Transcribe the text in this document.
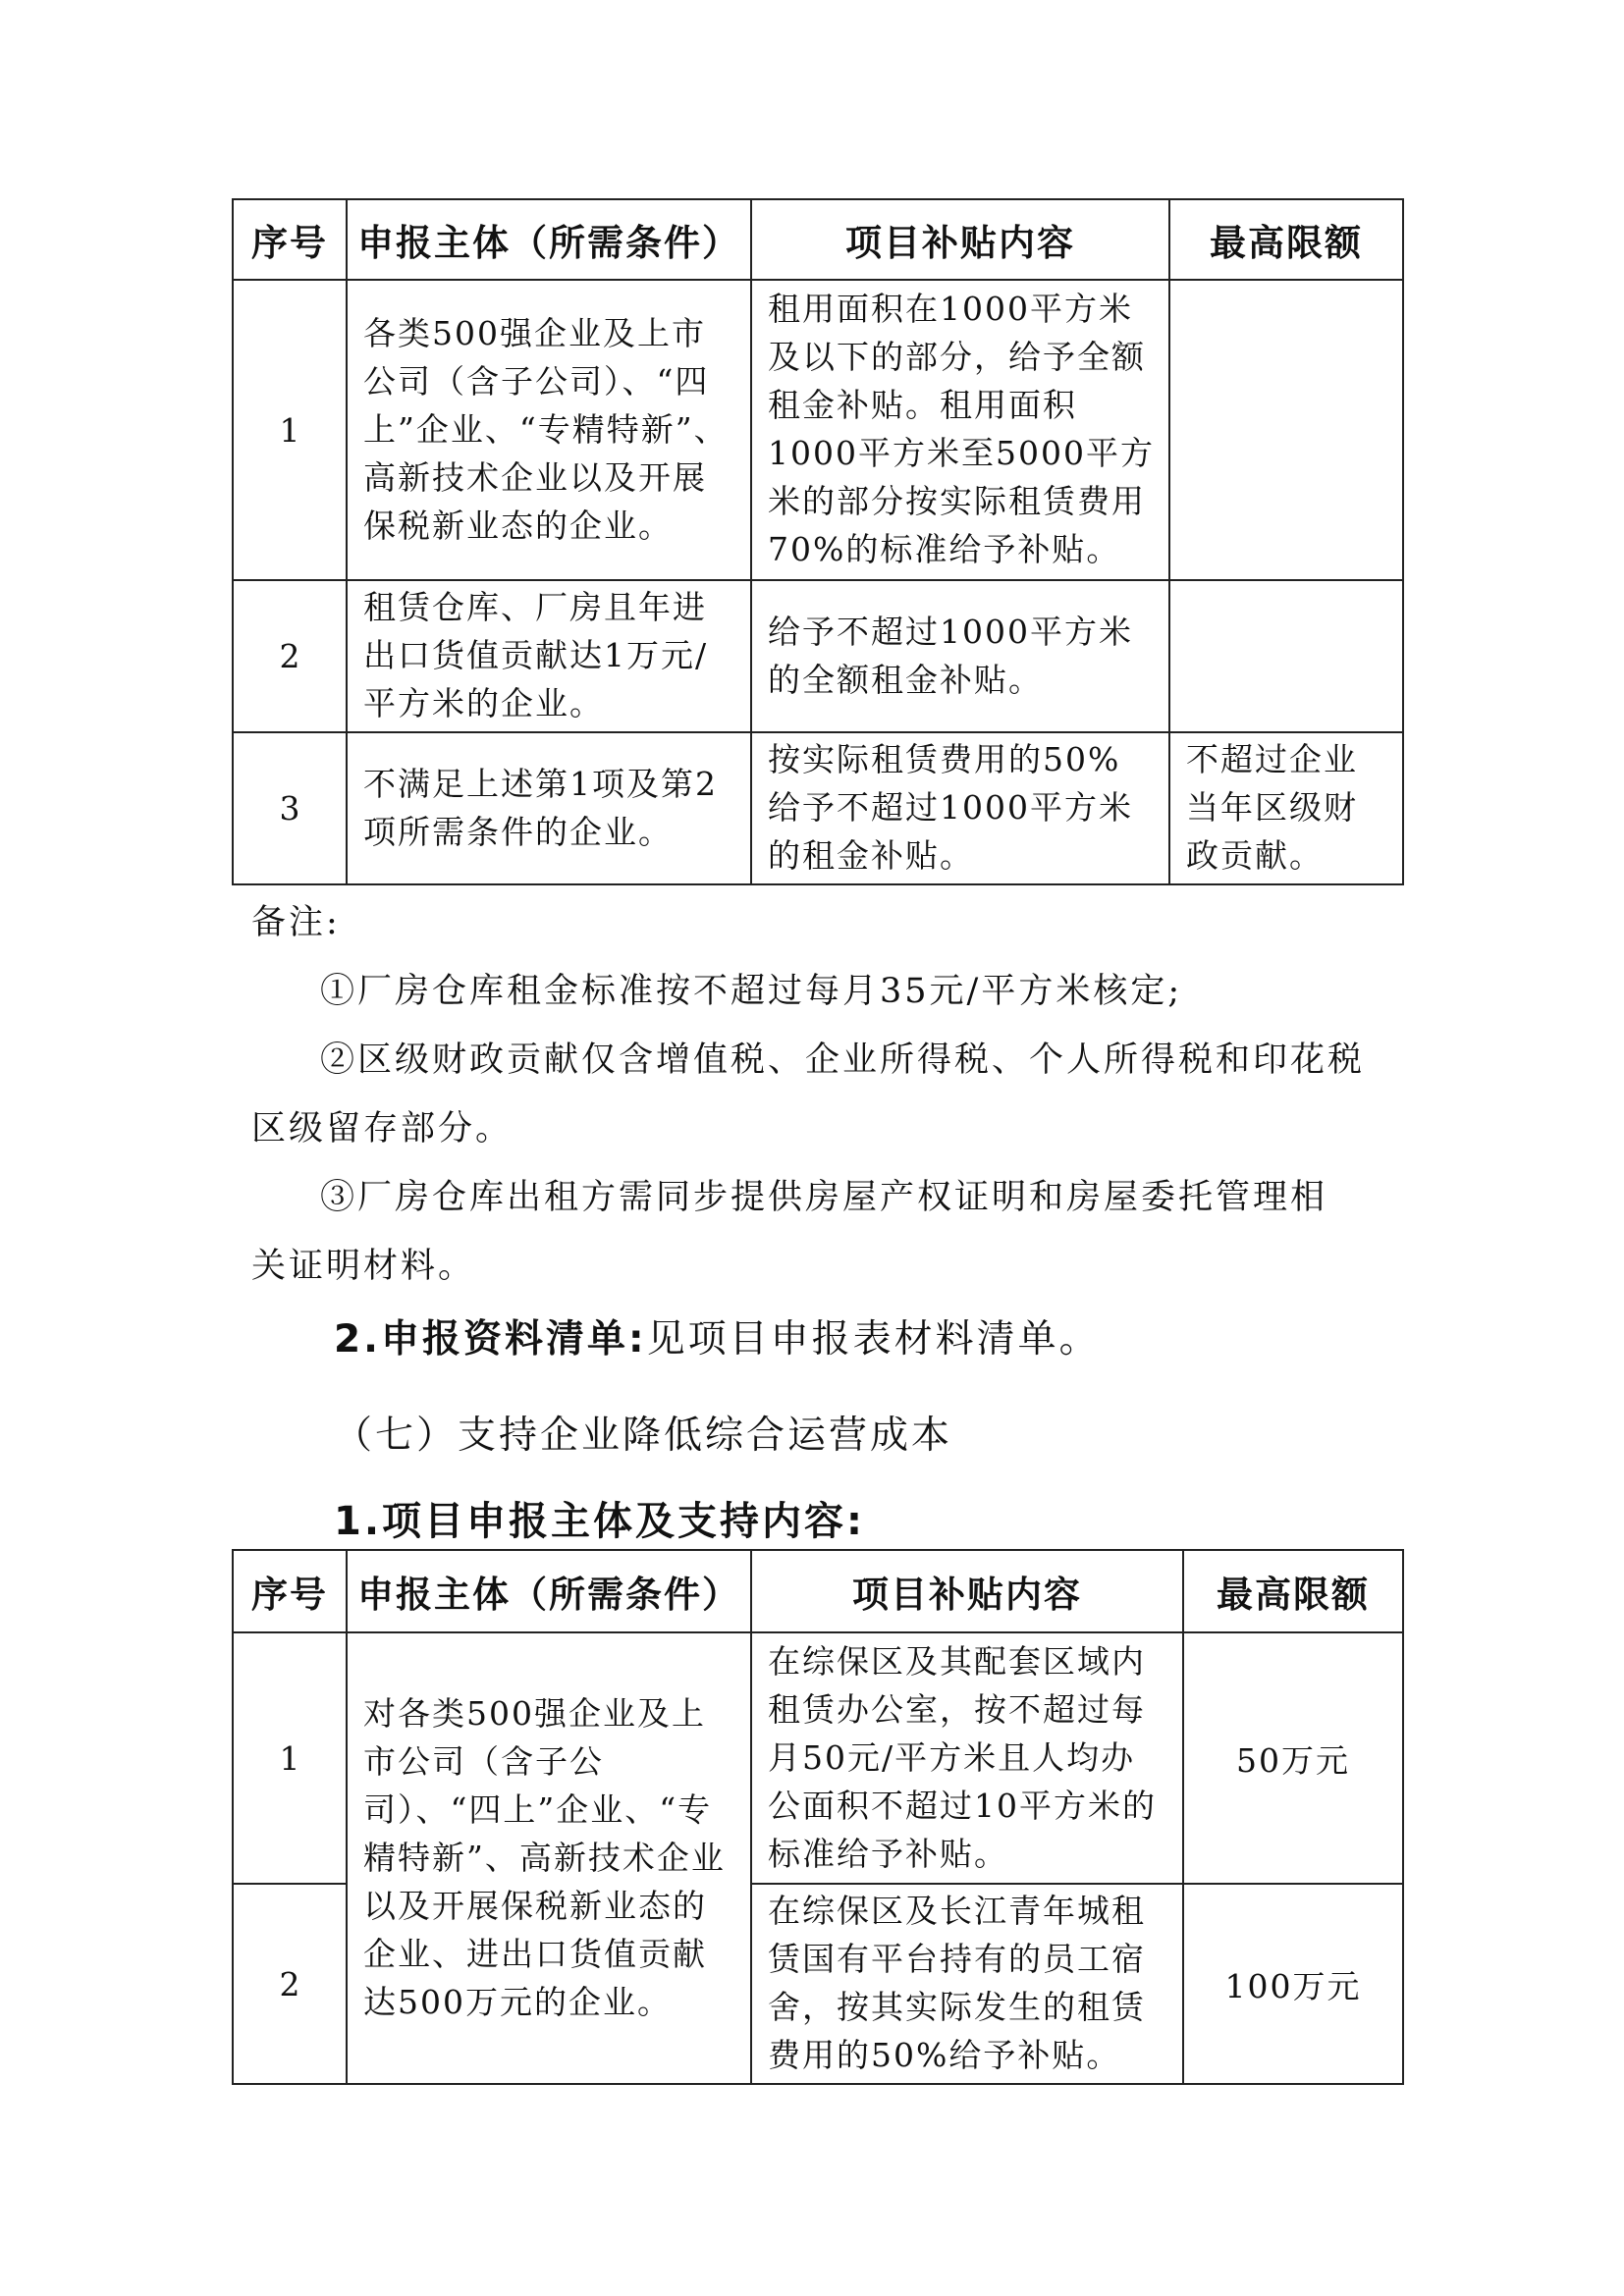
序号	申报主体（所需条件）	项目补贴内容	最高限额
1	各类500强企业及上市公司（含子公司）、“四上”企业、“专精特新”、高新技术企业以及开展保税新业态的企业。	租用面积在1000平方米及以下的部分，给予全额租金补贴。租用面积1000平方米至5000平方米的部分按实际租赁费用70%的标准给予补贴。	

2	租赁仓库、厂房且年进出口货值贡献达1万元/平方米的企业。	给予不超过1000平方米的全额租金补贴。	

3	不满足上述第1项及第2项所需条件的企业。	按实际租赁费用的50%给予不超过1000平方米的租金补贴。	不超过企业当年区级财政贡献。
备注:
①厂房仓库租金标准按不超过每月35元/平方米核定;
②区级财政贡献仅含增值税、企业所得税、个人所得税和印花税
区级留存部分。
③厂房仓库出租方需同步提供房屋产权证明和房屋委托管理相
关证明材料。
2.申报资料清单:见项目申报表材料清单。
（七）支持企业降低综合运营成本
1.项目申报主体及支持内容:
序号	申报主体（所需条件）	项目补贴内容	最高限额
1	对各类500强企业及上市公司（含子公司）、“四上”企业、“专精特新”、高新技术企业以及开展保税新业态的企业、进出口货值贡献达500万元的企业。	在综保区及其配套区域内租赁办公室，按不超过每月50元/平方米且人均办公面积不超过10平方米的标准给予补贴。	50万元
2		在综保区及长江青年城租赁国有平台持有的员工宿舍，按其实际发生的租赁费用的50%给予补贴。	100万元
